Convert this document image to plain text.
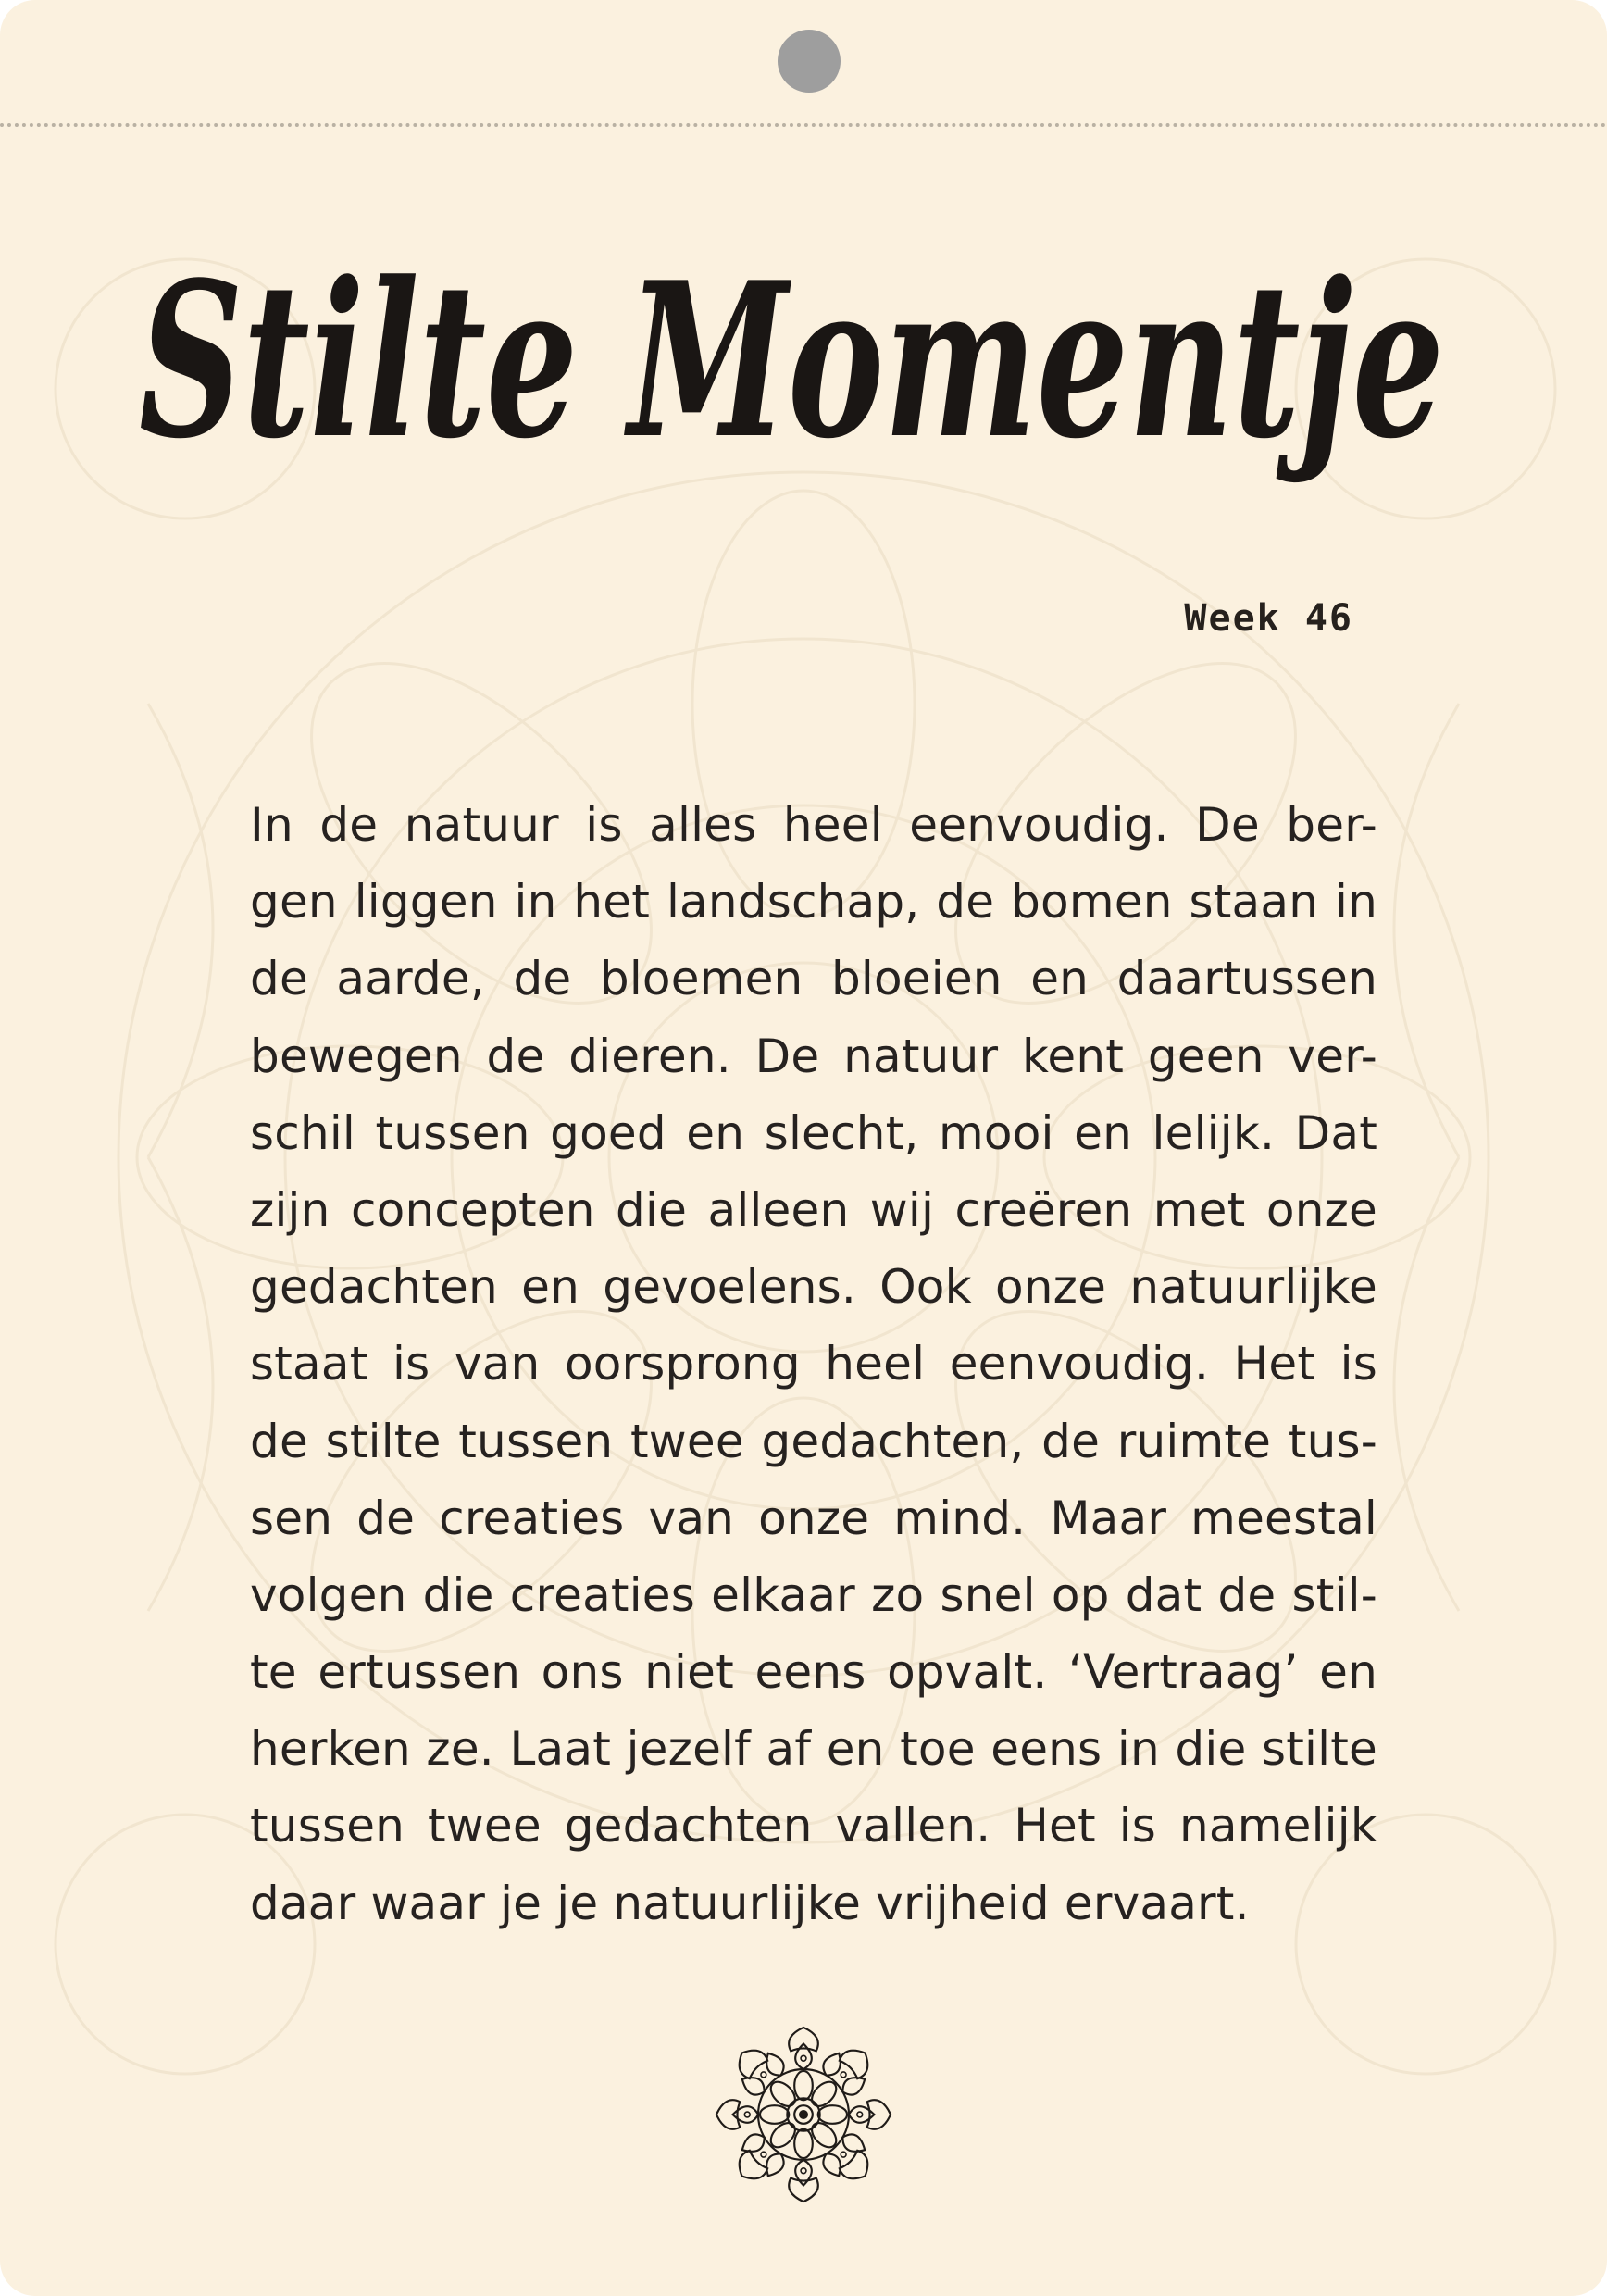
Stilte Momentje
Week 46
In de natuur is alles heel eenvoudig. De ber-
gen liggen in het landschap, de bomen staan in
de aarde, de bloemen bloeien en daartussen
bewegen de dieren. De natuur kent geen ver-
schil tussen goed en slecht, mooi en lelijk. Dat
zijn concepten die alleen wij creëren met onze
gedachten en gevoelens. Ook onze natuurlijke
staat is van oorsprong heel eenvoudig. Het is
de stilte tussen twee gedachten, de ruimte tus-
sen de creaties van onze mind. Maar meestal
volgen die creaties elkaar zo snel op dat de stil-
te ertussen ons niet eens opvalt. ‘Vertraag’ en
herken ze. Laat jezelf af en toe eens in die stilte
tussen twee gedachten vallen. Het is namelijk
daar waar je je natuurlijke vrijheid ervaart.
